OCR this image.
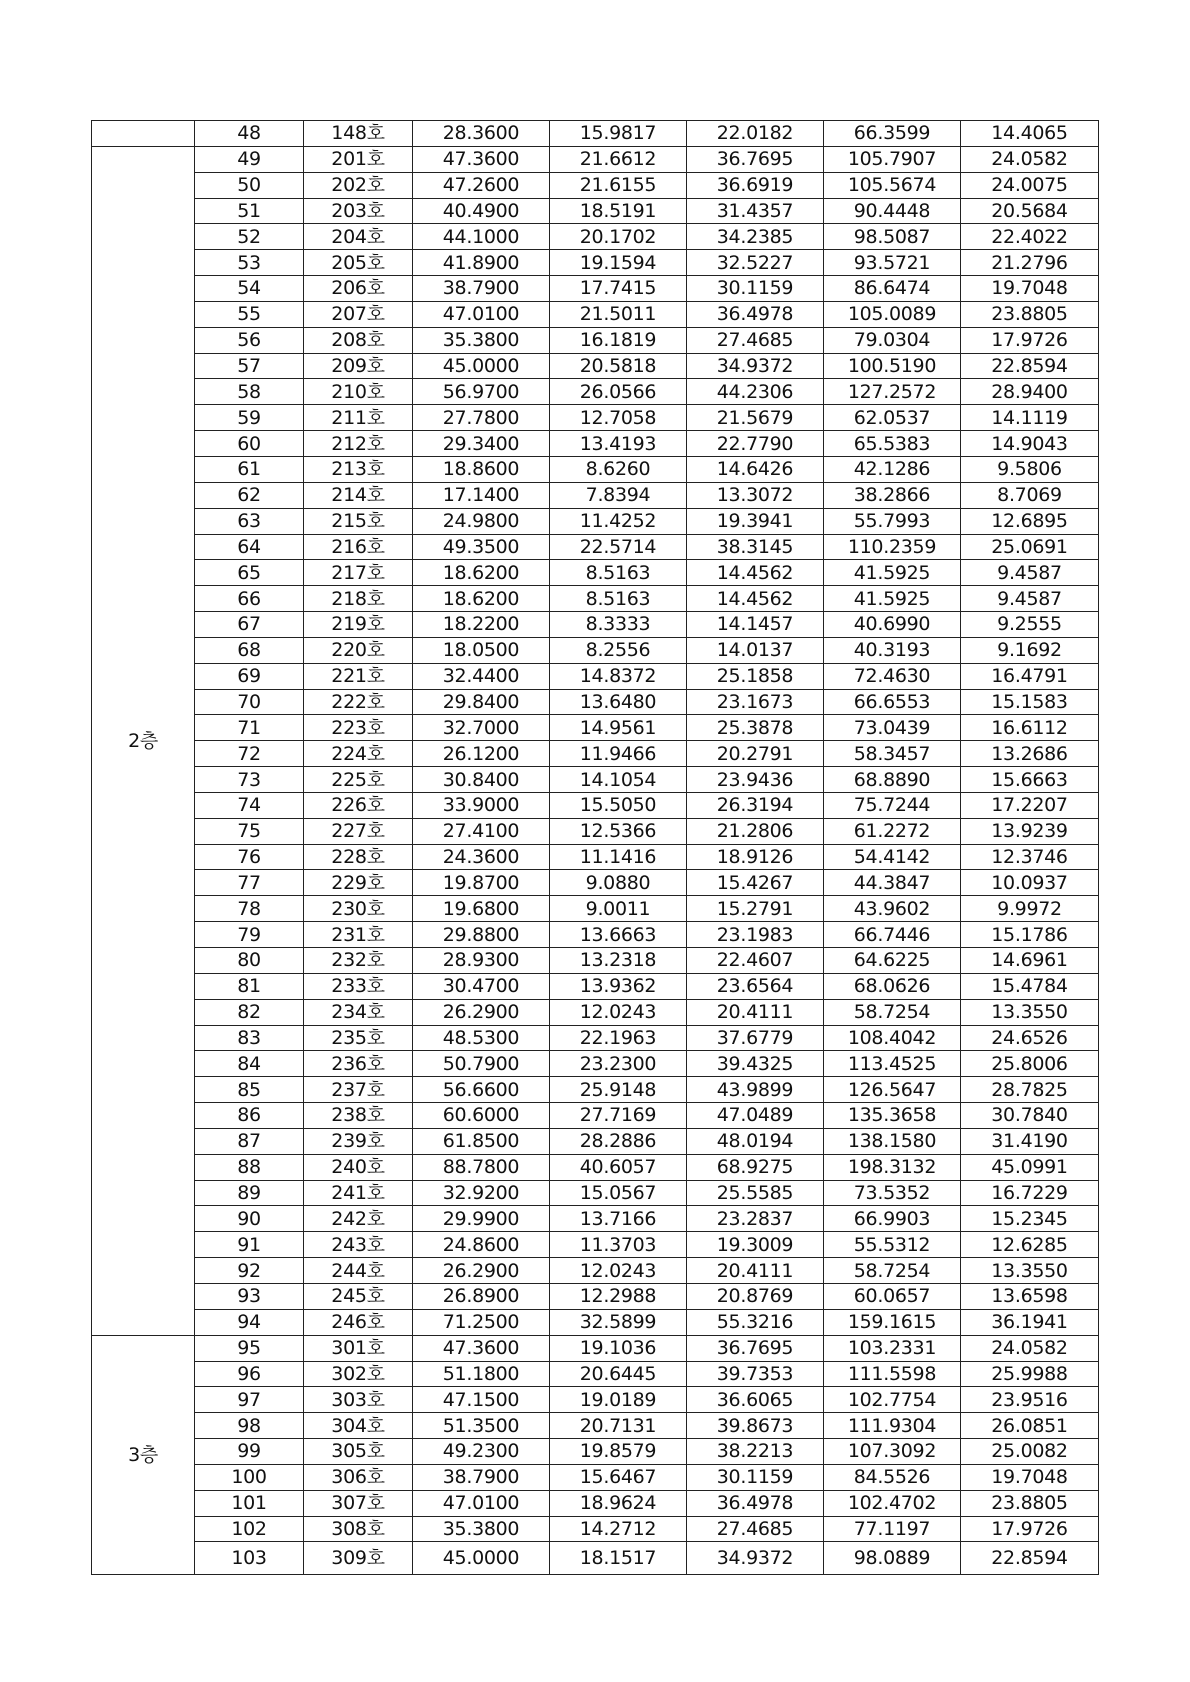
	48	148호	28.3600	15.9817	22.0182	66.3599	14.4065
2층	49	201호	47.3600	21.6612	36.7695	105.7907	24.0582
	50	202호	47.2600	21.6155	36.6919	105.5674	24.0075
	51	203호	40.4900	18.5191	31.4357	90.4448	20.5684
	52	204호	44.1000	20.1702	34.2385	98.5087	22.4022
	53	205호	41.8900	19.1594	32.5227	93.5721	21.2796
	54	206호	38.7900	17.7415	30.1159	86.6474	19.7048
	55	207호	47.0100	21.5011	36.4978	105.0089	23.8805
	56	208호	35.3800	16.1819	27.4685	79.0304	17.9726
	57	209호	45.0000	20.5818	34.9372	100.5190	22.8594
	58	210호	56.9700	26.0566	44.2306	127.2572	28.9400
	59	211호	27.7800	12.7058	21.5679	62.0537	14.1119
	60	212호	29.3400	13.4193	22.7790	65.5383	14.9043
	61	213호	18.8600	8.6260	14.6426	42.1286	9.5806
	62	214호	17.1400	7.8394	13.3072	38.2866	8.7069
	63	215호	24.9800	11.4252	19.3941	55.7993	12.6895
	64	216호	49.3500	22.5714	38.3145	110.2359	25.0691
	65	217호	18.6200	8.5163	14.4562	41.5925	9.4587
	66	218호	18.6200	8.5163	14.4562	41.5925	9.4587
	67	219호	18.2200	8.3333	14.1457	40.6990	9.2555
	68	220호	18.0500	8.2556	14.0137	40.3193	9.1692
	69	221호	32.4400	14.8372	25.1858	72.4630	16.4791
	70	222호	29.8400	13.6480	23.1673	66.6553	15.1583
	71	223호	32.7000	14.9561	25.3878	73.0439	16.6112
	72	224호	26.1200	11.9466	20.2791	58.3457	13.2686
	73	225호	30.8400	14.1054	23.9436	68.8890	15.6663
	74	226호	33.9000	15.5050	26.3194	75.7244	17.2207
	75	227호	27.4100	12.5366	21.2806	61.2272	13.9239
	76	228호	24.3600	11.1416	18.9126	54.4142	12.3746
	77	229호	19.8700	9.0880	15.4267	44.3847	10.0937
	78	230호	19.6800	9.0011	15.2791	43.9602	9.9972
	79	231호	29.8800	13.6663	23.1983	66.7446	15.1786
	80	232호	28.9300	13.2318	22.4607	64.6225	14.6961
	81	233호	30.4700	13.9362	23.6564	68.0626	15.4784
	82	234호	26.2900	12.0243	20.4111	58.7254	13.3550
	83	235호	48.5300	22.1963	37.6779	108.4042	24.6526
	84	236호	50.7900	23.2300	39.4325	113.4525	25.8006
	85	237호	56.6600	25.9148	43.9899	126.5647	28.7825
	86	238호	60.6000	27.7169	47.0489	135.3658	30.7840
	87	239호	61.8500	28.2886	48.0194	138.1580	31.4190
	88	240호	88.7800	40.6057	68.9275	198.3132	45.0991
	89	241호	32.9200	15.0567	25.5585	73.5352	16.7229
	90	242호	29.9900	13.7166	23.2837	66.9903	15.2345
	91	243호	24.8600	11.3703	19.3009	55.5312	12.6285
	92	244호	26.2900	12.0243	20.4111	58.7254	13.3550
	93	245호	26.8900	12.2988	20.8769	60.0657	13.6598
	94	246호	71.2500	32.5899	55.3216	159.1615	36.1941
3층	95	301호	47.3600	19.1036	36.7695	103.2331	24.0582
	96	302호	51.1800	20.6445	39.7353	111.5598	25.9988
	97	303호	47.1500	19.0189	36.6065	102.7754	23.9516
	98	304호	51.3500	20.7131	39.8673	111.9304	26.0851
	99	305호	49.2300	19.8579	38.2213	107.3092	25.0082
	100	306호	38.7900	15.6467	30.1159	84.5526	19.7048
	101	307호	47.0100	18.9624	36.4978	102.4702	23.8805
	102	308호	35.3800	14.2712	27.4685	77.1197	17.9726
	103	309호	45.0000	18.1517	34.9372	98.0889	22.8594
